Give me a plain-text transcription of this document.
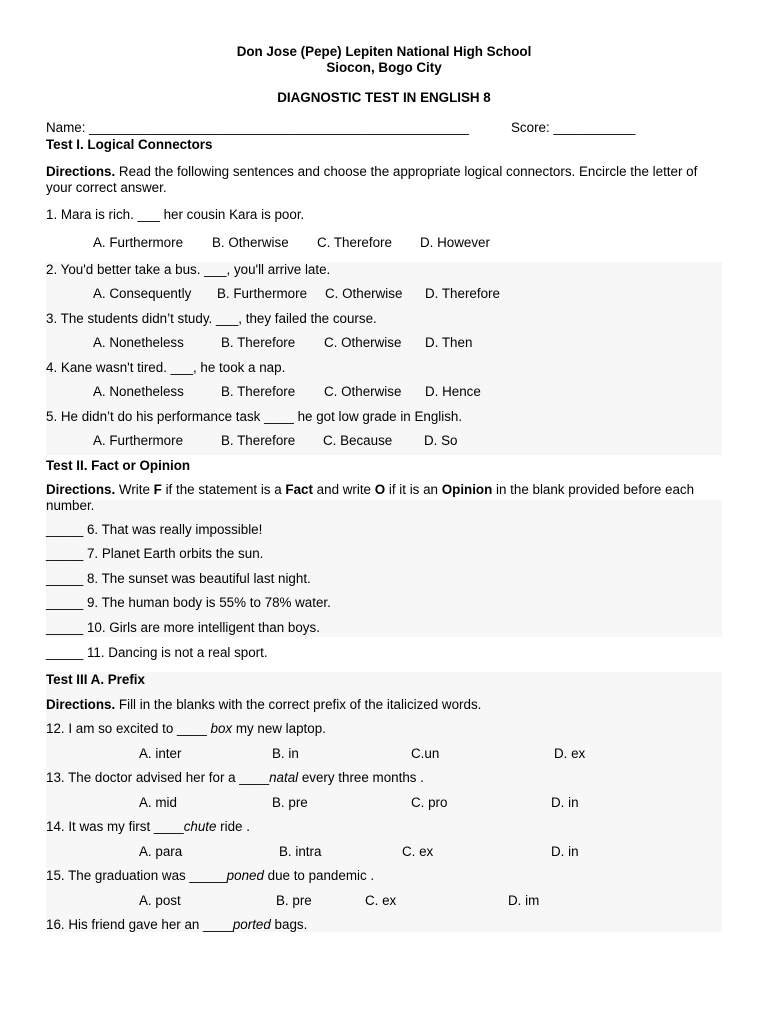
Don Jose (Pepe) Lepiten National High School
Siocon, Bogo City
DIAGNOSTIC TEST IN ENGLISH 8
Name: ___________________________________________________	Score: ___________
Test I. Logical Connectors
Directions. Read the following sentences and choose the appropriate logical connectors. Encircle the letter of your correct answer.
1. Mara is rich. ___ her cousin Kara is poor.
A. Furthermore B. Otherwise C. Therefore D. However
2. You'd better take a bus. ___, you'll arrive late.
A. Consequently B. Furthermore C. Otherwise D. Therefore
3. The students didn’t study. ___, they failed the course.
A. Nonetheless	B. Therefore C. Otherwise D. Then
4. Kane wasn't tired. ___, he took a nap.
A. Nonetheless	B. Therefore C. Otherwise D. Hence
5. He didn’t do his performance task ____ he got low grade in English.
A. Furthermore	B. Therefore C. Because D. So
Test II. Fact or Opinion
Directions. Write F if the statement is a Fact and write O if it is an Opinion in the blank provided before each number.
_____ 6. That was really impossible!
_____ 7. Planet Earth orbits the sun.
_____ 8. The sunset was beautiful last night.
_____ 9. The human body is 55% to 78% water.
_____ 10. Girls are more intelligent than boys.
_____ 11. Dancing is not a real sport.
Test III A. Prefix
Directions. Fill in the blanks with the correct prefix of the italicized words.
12. I am so excited to ____ box my new laptop.
A. inter	B. in	C.un	D. ex
13. The doctor advised her for a ____natal every three months .
A. mid	B. pre	C. pro	D. in
14. It was my first ____chute ride .
A. para	B. intra	C. ex	D. in
15. The graduation was _____poned due to pandemic .
A. post	B. pre	C. ex	D. im
16. His friend gave her an ____ported bags.
